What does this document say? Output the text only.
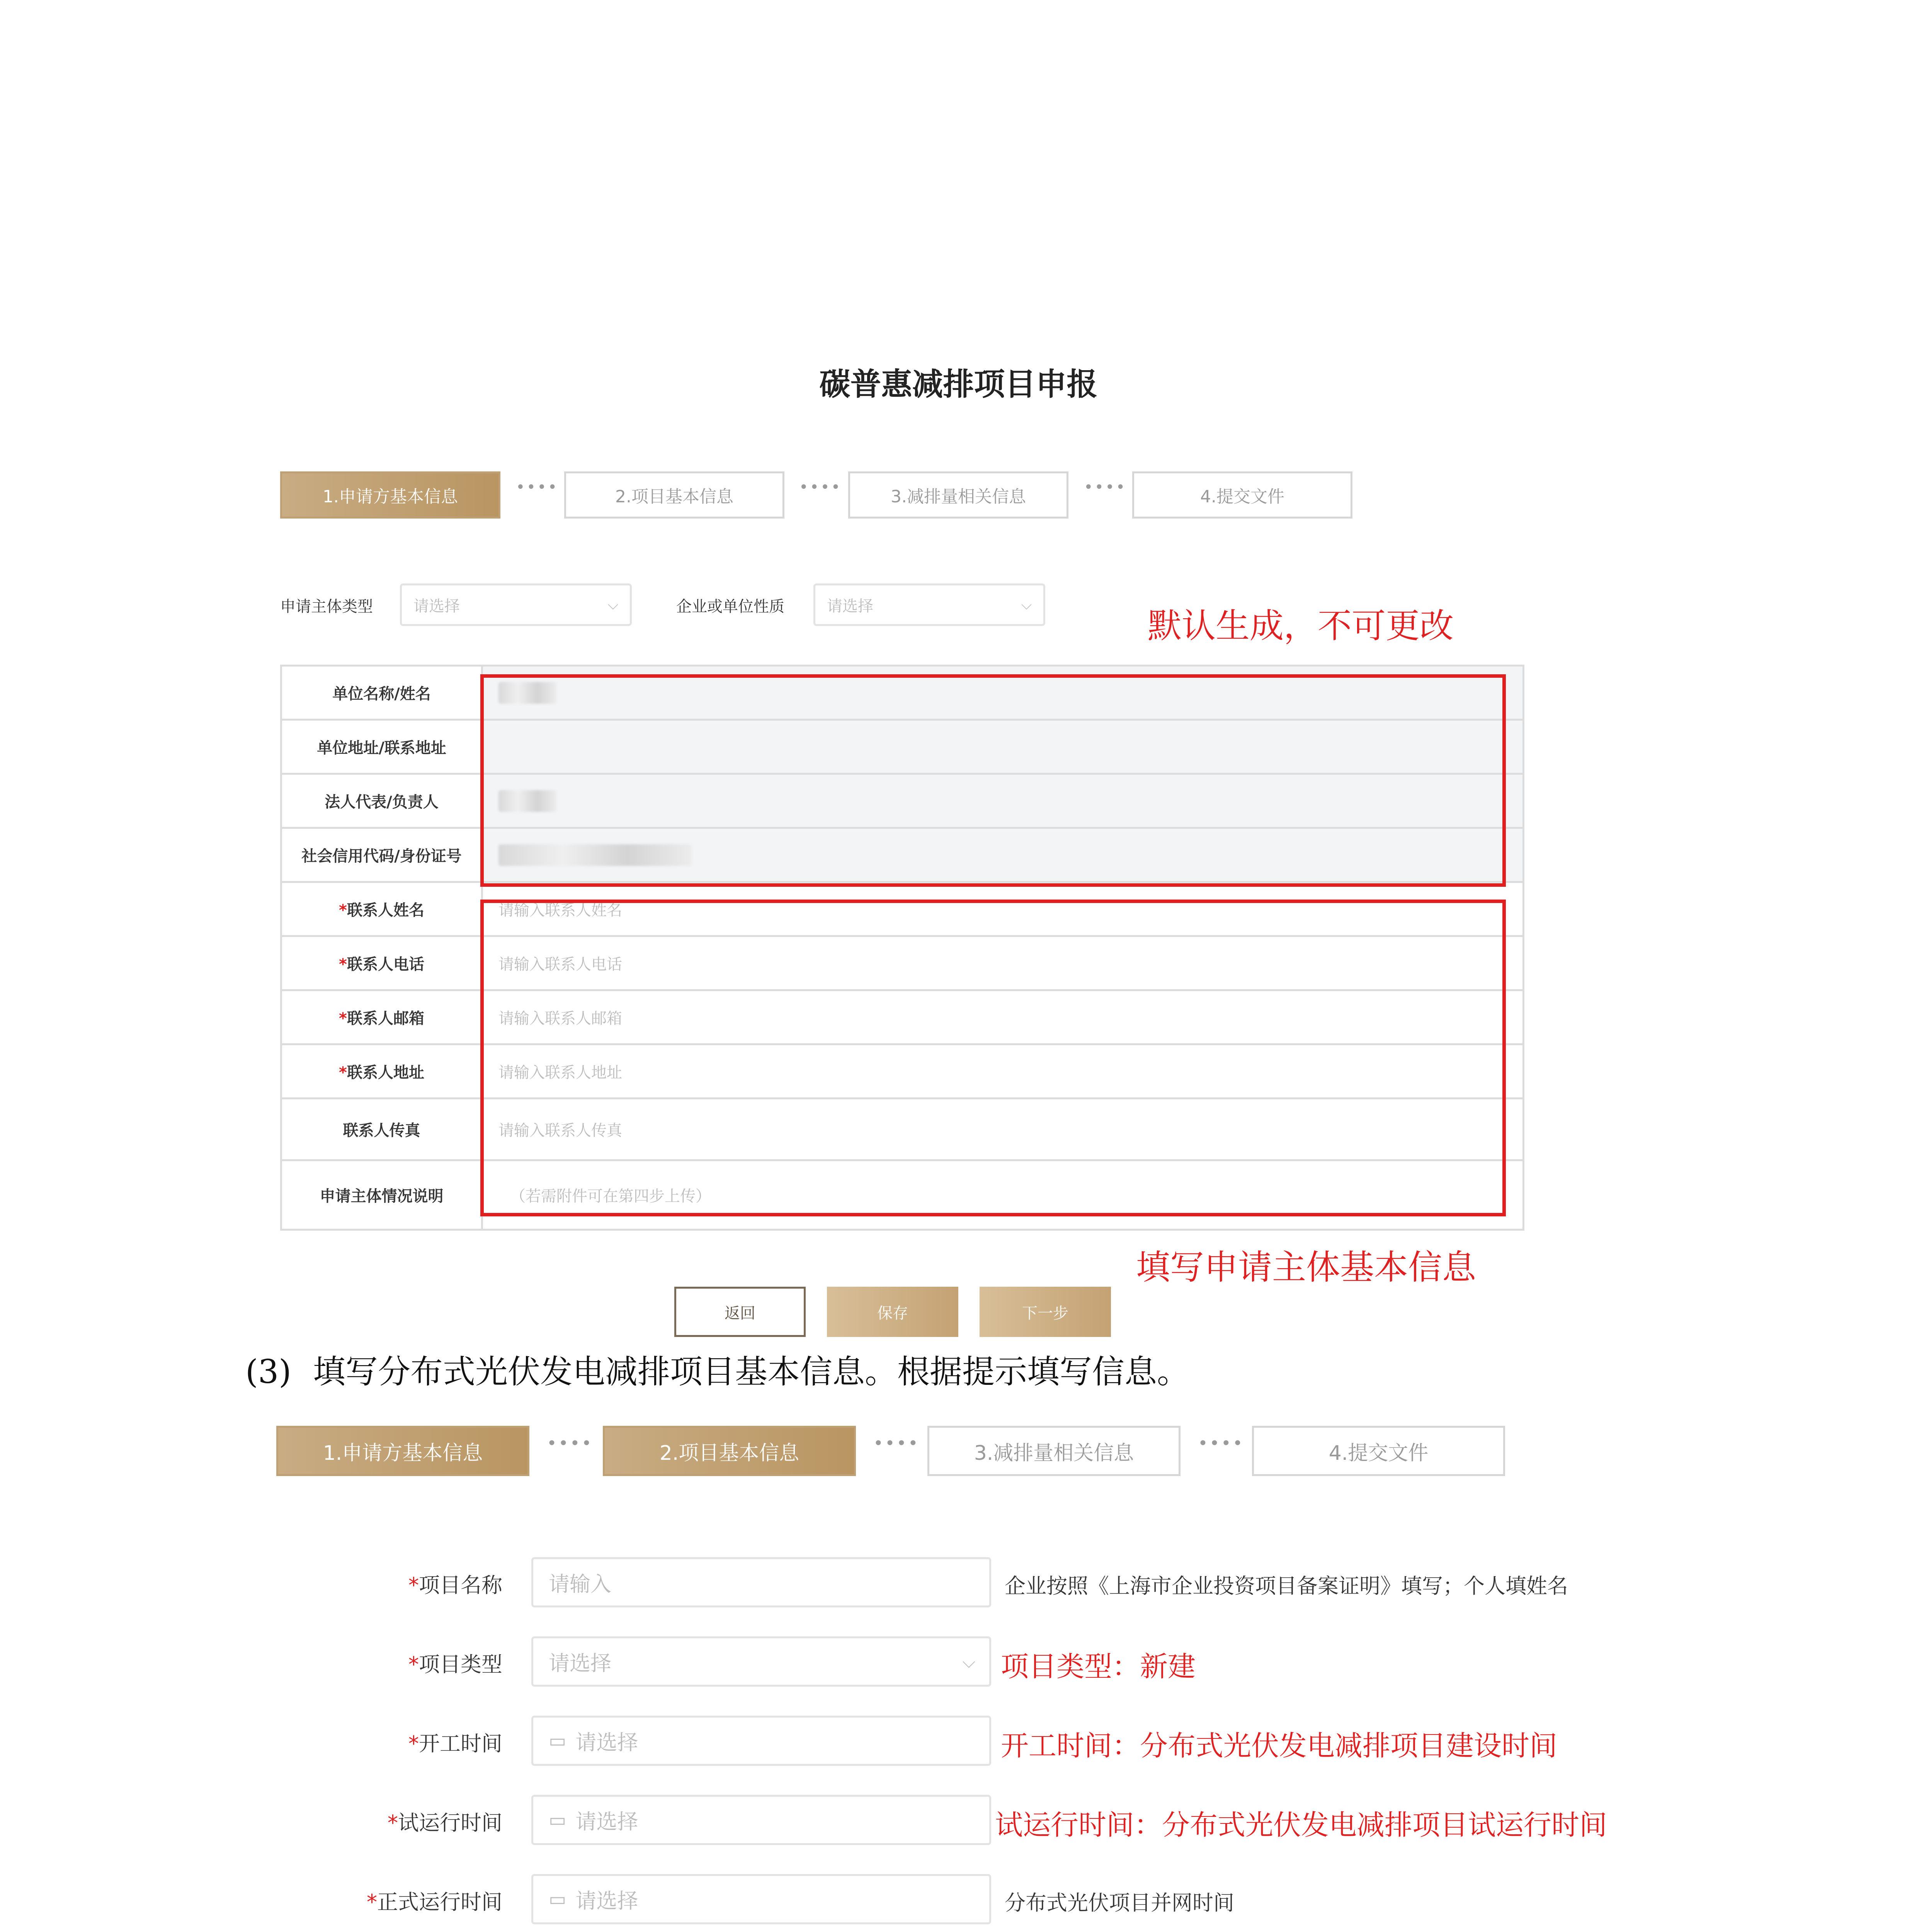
碳普惠减排项目申报
1.申请方基本信息	••••	2.项目基本信息	••••	3.减排量相关信息	••••	4.提交文件
申请主体类型	请选择	⌵	企业或单位性质	请选择	⌵
默认生成，不可更改
单位名称/姓名	
单位地址/联系地址	
法人代表/负责人	
社会信用代码/身份证号	
*联系人姓名	请输入联系人姓名
*联系人电话	请输入联系人电话
*联系人邮箱	请输入联系人邮箱
*联系人地址	请输入联系人地址
联系人传真	请输入联系人传真
申请主体情况说明	（若需附件可在第四步上传）
填写申请主体基本信息
返回	保存	下一步
(3) 填写分布式光伏发电减排项目基本信息。根据提示填写信息。
1.申请方基本信息	••••	2.项目基本信息	••••	3.减排量相关信息	••••	4.提交文件
*项目名称 请输入	企业按照《上海市企业投资项目备案证明》填写；个人填姓名
*项目类型 请选择	⌵ 项目类型：新建
*开工时间	▭ 请选择	开工时间：分布式光伏发电减排项目建设时间
*试运行时间	▭ 请选择	试运行时间：分布式光伏发电减排项目试运行时间
*正式运行时间	▭ 请选择	分布式光伏项目并网时间
